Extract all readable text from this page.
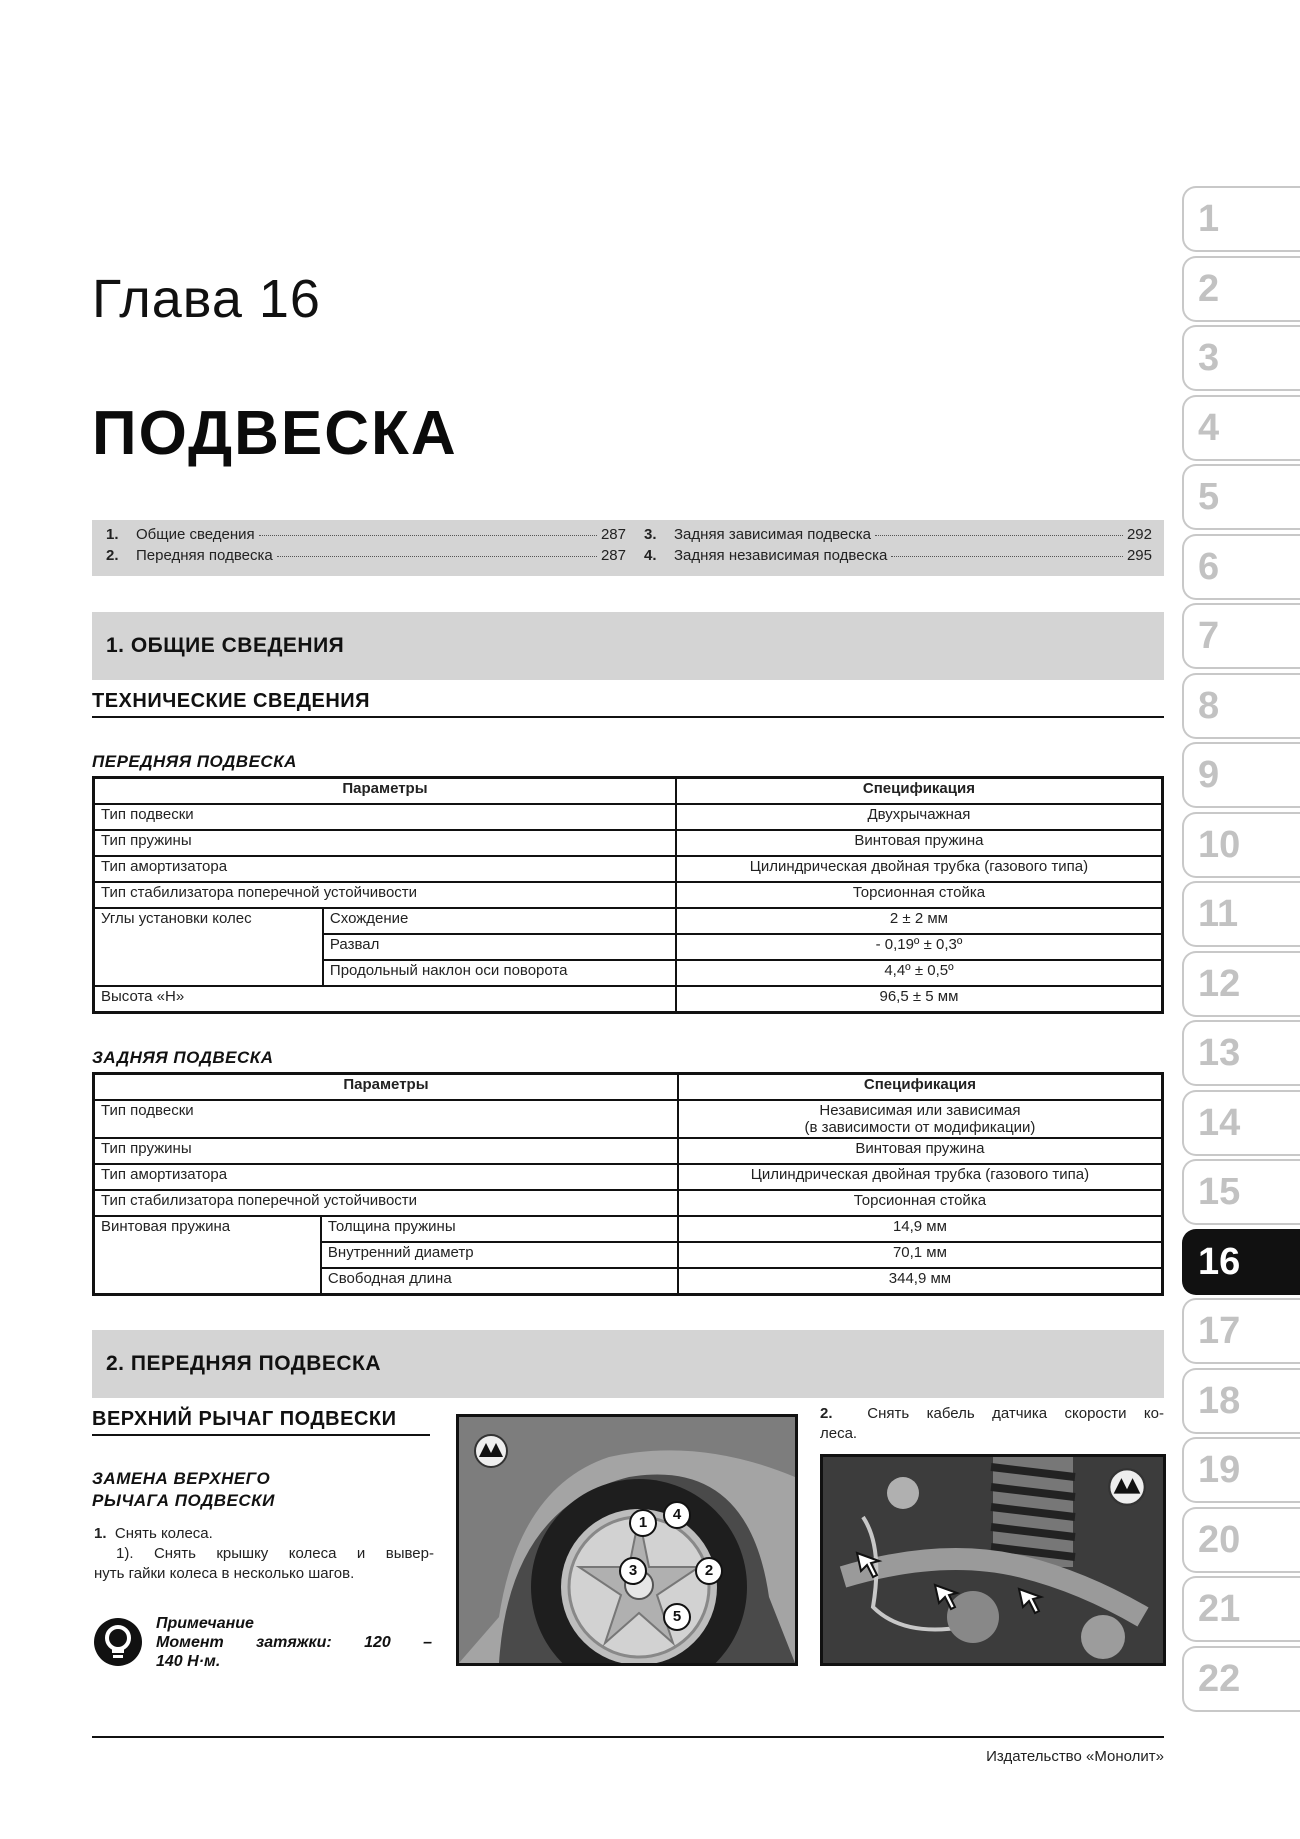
Глава 16
ПОДВЕСКА
1.	Общие сведения	287
2.	Передняя подвеска	287
3.	Задняя зависимая подвеска	292
4.	Задняя независимая подвеска	295
1. ОБЩИЕ СВЕДЕНИЯ
ТЕХНИЧЕСКИЕ СВЕДЕНИЯ
ПЕРЕДНЯЯ ПОДВЕСКА
Параметры		Спецификация
Тип подвески		Двухрычажная
Тип пружины		Винтовая пружина
Тип амортизатора		Цилиндрическая двойная трубка (газового типа)
Тип стабилизатора поперечной устойчивости		Торсионная стойка
Углы установки колес	Схождение	2 ± 2 мм
	Развал	- 0,19º ± 0,3º
	Продольный наклон оси поворота	4,4º ± 0,5º
Высота «Н»		96,5 ± 5 мм
ЗАДНЯЯ ПОДВЕСКА
Параметры		Спецификация
Тип подвески		Независимая или зависимая
(в зависимости от модификации)

Тип пружины		Винтовая пружина
Тип амортизатора		Цилиндрическая двойная трубка (газового типа)
Тип стабилизатора поперечной устойчивости		Торсионная стойка
Винтовая пружина	Толщина пружины	14,9 мм
	Внутренний диаметр	70,1 мм
	Свободная длина	344,9 мм
2. ПЕРЕДНЯЯ ПОДВЕСКА
ВЕРХНИЙ РЫЧАГ ПОДВЕСКИ
ЗАМЕНА ВЕРХНЕГО
РЫЧАГА ПОДВЕСКИ
1. Снять колеса.
1). Снять крышку колеса и вывер-
нуть гайки колеса в несколько шагов.
Примечание
Момент затяжки: 120 –
140 Н·м.
1
2
3
4
5
2. Снять кабель датчика скорости ко-
леса.
Издательство «Монолит»
1
2
3
4
5
6
7
8
9
10
11
12
13
14
15
16
17
18
19
20
21
22
